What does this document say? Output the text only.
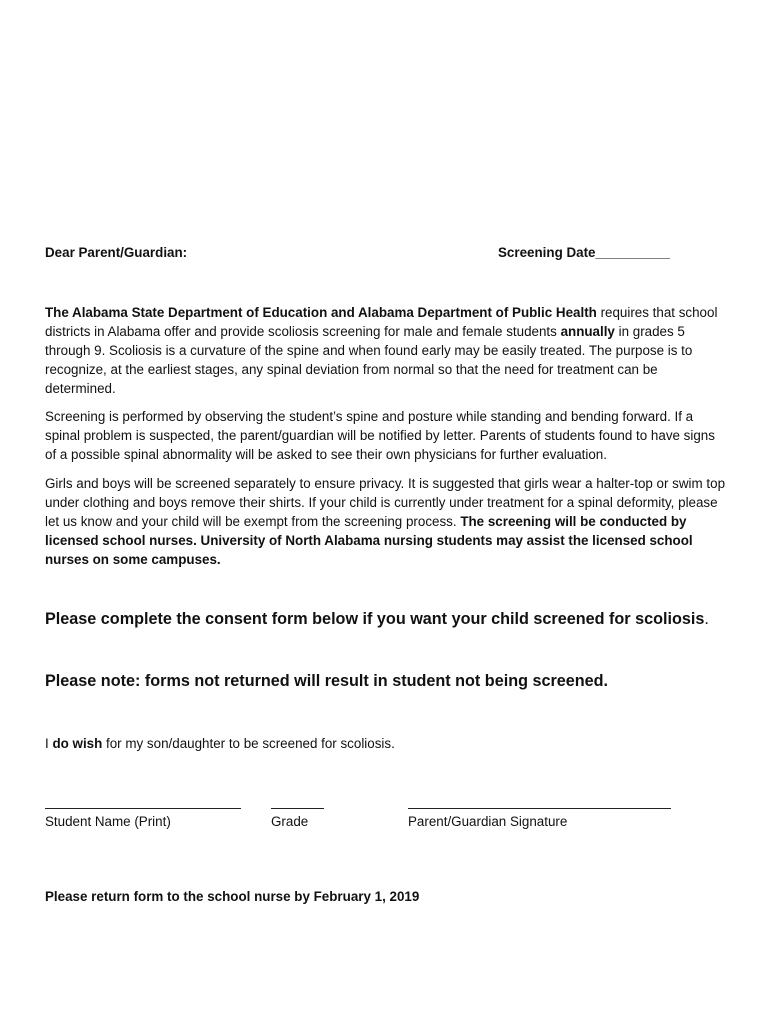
Dear Parent/Guardian:	Screening Date__________
The Alabama State Department of Education and Alabama Department of Public Health requires that school districts in Alabama offer and provide scoliosis screening for male and female students annually in grades 5 through 9. Scoliosis is a curvature of the spine and when found early may be easily treated. The purpose is to recognize, at the earliest stages, any spinal deviation from normal so that the need for treatment can be determined.
Screening is performed by observing the student’s spine and posture while standing and bending forward. If a spinal problem is suspected, the parent/guardian will be notified by letter. Parents of students found to have signs of a possible spinal abnormality will be asked to see their own physicians for further evaluation.
Girls and boys will be screened separately to ensure privacy. It is suggested that girls wear a halter-top or swim top under clothing and boys remove their shirts. If your child is currently under treatment for a spinal deformity, please let us know and your child will be exempt from the screening process. The screening will be conducted by licensed school nurses. University of North Alabama nursing students may assist the licensed school nurses on some campuses.
Please complete the consent form below if you want your child screened for scoliosis.
Please note: forms not returned will result in student not being screened.
I do wish for my son/daughter to be screened for scoliosis.
Student Name (Print)	Grade	Parent/Guardian Signature
Please return form to the school nurse by February 1, 2019
